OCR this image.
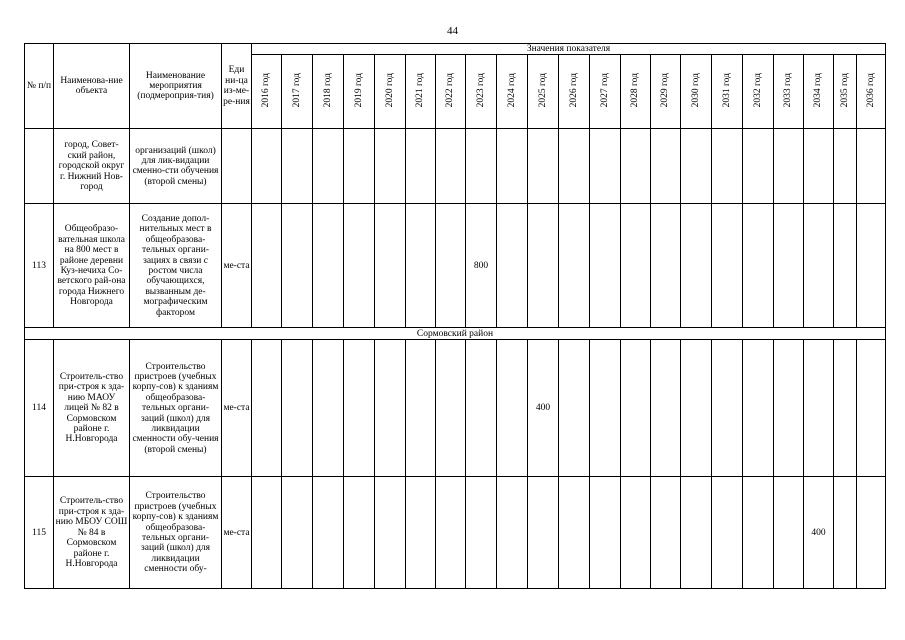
44
№ п/п	Наименова-ние объекта	Наименование мероприятия (подмероприя-тия)	Еди ни-ца из-ме-ре-ния	Значения показателя																				
				2016 год	2017 год	2018 год	2019 год	2020 год	2021 год	2022 год	2023 год	2024 год	2025 год	2026 год	2027 год	2028 год	2029 год	2030 год	2031 год	2032 год	2033 год	2034 год	2035 год	2036 год
	город, Совет-ский район, городской округ г. Нижний Нов-город	организаций (школ) для лик-видации сменно-сти обучения (второй смены)																						
113	Общеобразо-вательная школа на 800 мест в районе деревни Куз-нечиха Со-ветского рай-она города Нижнего Новгорода	Создание допол-нительных мест в общеобразова-тельных органи-зациях в связи с ростом числа обучающихся, вызванным де-мографическим фактором	ме-ста								800													
Сормовский район																								
114	Строитель-ство при-строя к зда-нию МАОУ лицей № 82 в Сормовском районе г. Н.Новгорода	Строительство пристроев (учебных корпу-сов) к зданиям общеобразова-тельных органи-заций (школ) для ликвидации сменности обу-чения (второй смены)	ме-ста										400											
115	Строитель-ство при-строя к зда-нию МБОУ СОШ № 84 в Сормовском районе г. Н.Новгорода	Строительство пристроев (учебных корпу-сов) к зданиям общеобразова-тельных органи-заций (школ) для ликвидации сменности обу-	ме-ста																			400		
